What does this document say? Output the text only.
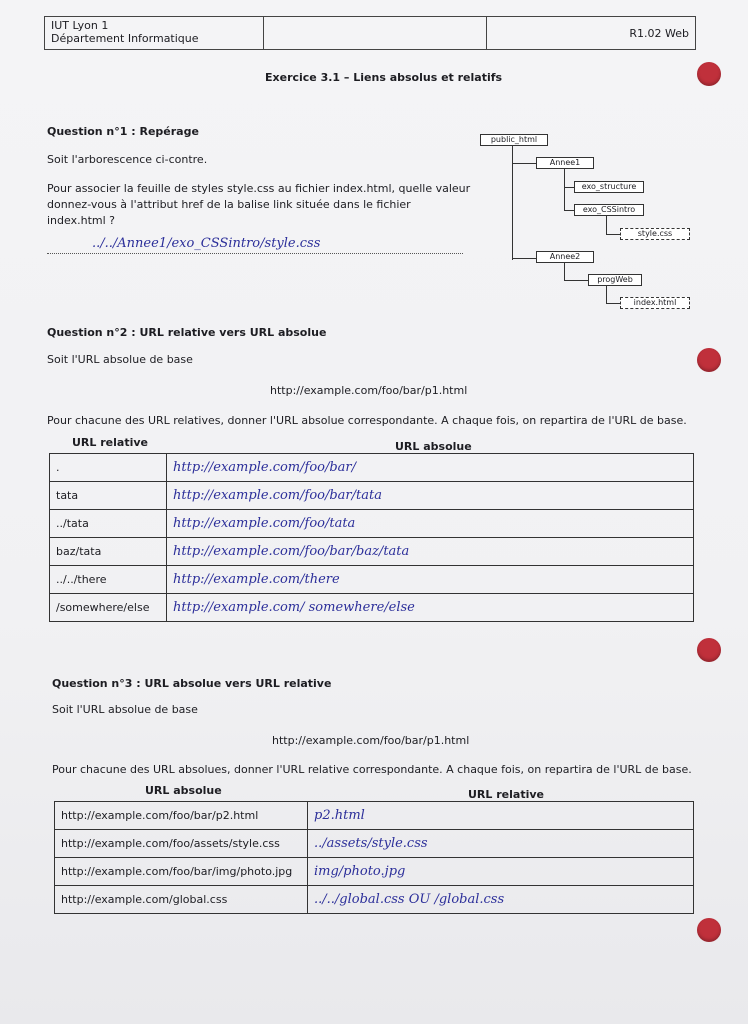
IUT Lyon 1
Département Informatique		R1.02 Web
Exercice 3.1 – Liens absolus et relatifs
Question n°1 : Repérage
Soit l'arborescence ci-contre.
Pour associer la feuille de styles style.css au fichier index.html, quelle valeur
donnez-vous à l'attribut href de la balise link située dans le fichier
index.html ?
../../Annee1/exo_CSSintro/style.css
public_html
Annee1
exo_structure
exo_CSSintro
style.css
Annee2
progWeb
index.html
Question n°2 : URL relative vers URL absolue
Soit l'URL absolue de base
http://example.com/foo/bar/p1.html
Pour chacune des URL relatives, donner l'URL absolue correspondante. A chaque fois, on repartira de l'URL de base.
URL relative	URL absolue
.	http://example.com/foo/bar/
tata	http://example.com/foo/bar/tata
../tata	http://example.com/foo/tata
baz/tata	http://example.com/foo/bar/baz/tata
../../there	http://example.com/there
/somewhere/else	http://example.com/ somewhere/else
Question n°3 : URL absolue vers URL relative
Soit l'URL absolue de base
http://example.com/foo/bar/p1.html
Pour chacune des URL absolues, donner l'URL relative correspondante. A chaque fois, on repartira de l'URL de base.
URL absolue	URL relative
http://example.com/foo/bar/p2.html	p2.html
http://example.com/foo/assets/style.css	../assets/style.css
http://example.com/foo/bar/img/photo.jpg	img/photo.jpg
http://example.com/global.css	../../global.css OU /global.css
